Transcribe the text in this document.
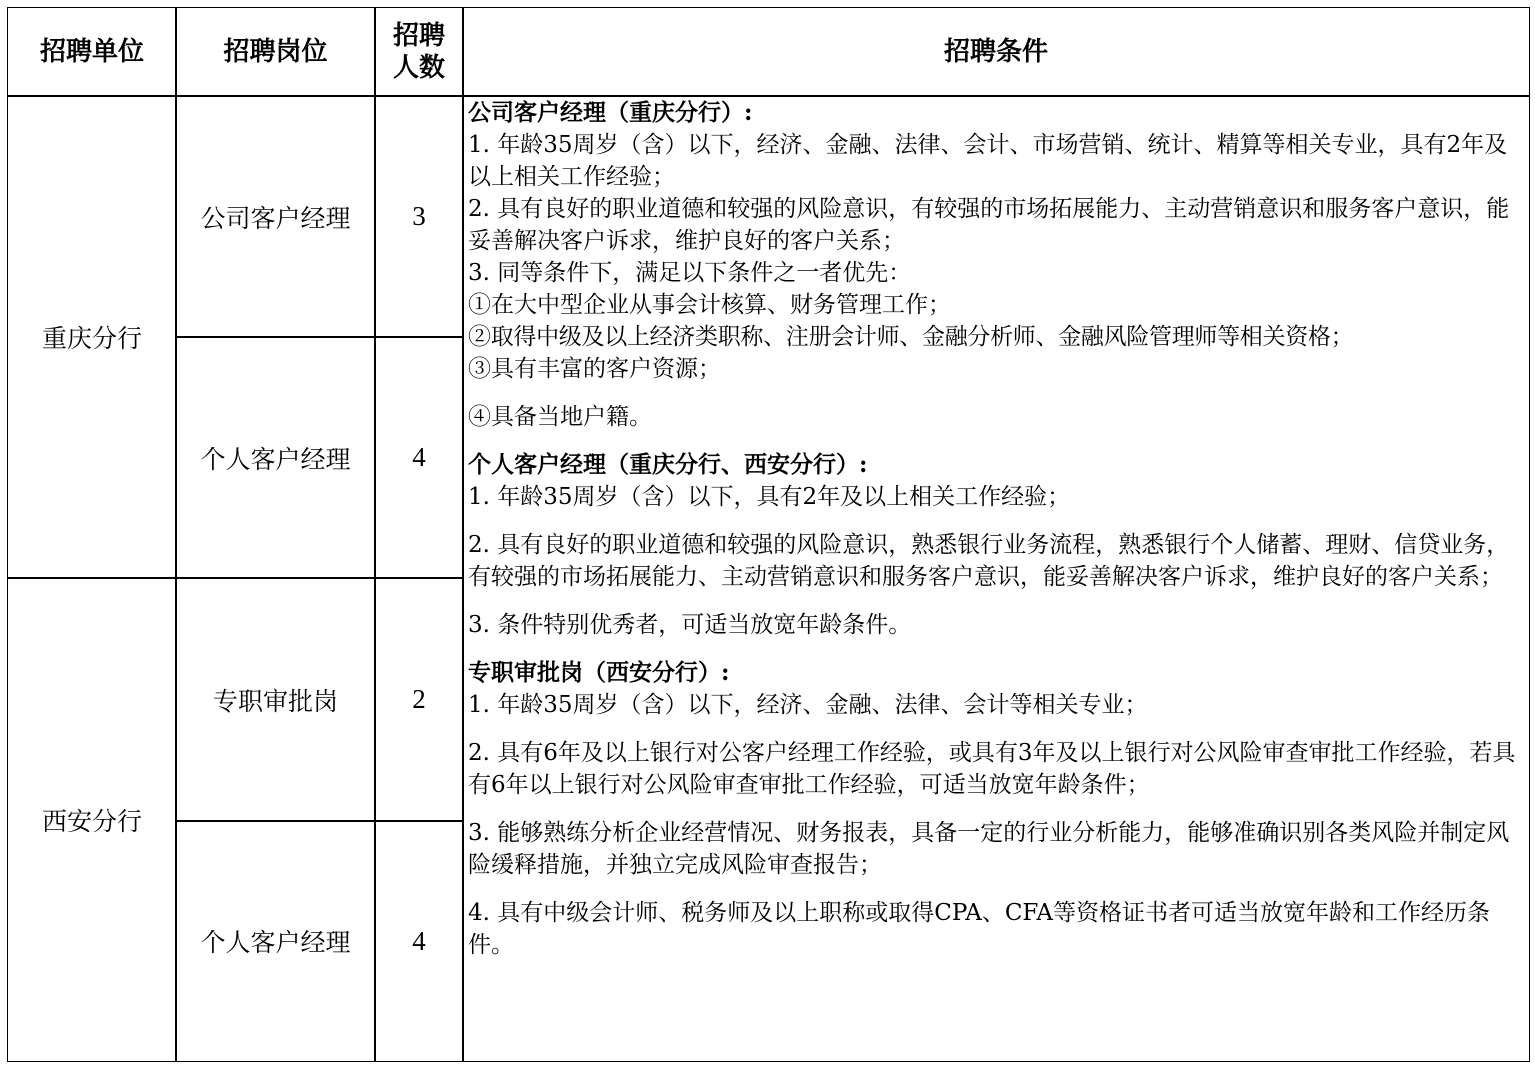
招聘单位	招聘岗位
招聘
人数
招聘条件
重庆分行
西安分行
公司客户经理
个人客户经理
专职审批岗
个人客户经理
3
4
2
4
公司客户经理（重庆分行）:
1. 年龄35周岁（含）以下，经济、金融、法律、会计、市场营销、统计、精算等相关专业，具有2年及以上相关工作经验；
2. 具有良好的职业道德和较强的风险意识，有较强的市场拓展能力、主动营销意识和服务客户意识，能妥善解决客户诉求，维护良好的客户关系；
3. 同等条件下，满足以下条件之一者优先：
①在大中型企业从事会计核算、财务管理工作；
②取得中级及以上经济类职称、注册会计师、金融分析师、金融风险管理师等相关资格；
③具有丰富的客户资源；
④具备当地户籍。
个人客户经理（重庆分行、西安分行）:
1. 年龄35周岁（含）以下，具有2年及以上相关工作经验；
2. 具有良好的职业道德和较强的风险意识，熟悉银行业务流程，熟悉银行个人储蓄、理财、信贷业务，有较强的市场拓展能力、主动营销意识和服务客户意识，能妥善解决客户诉求，维护良好的客户关系；
3. 条件特别优秀者，可适当放宽年龄条件。
专职审批岗（西安分行）:
1. 年龄35周岁（含）以下，经济、金融、法律、会计等相关专业；
2. 具有6年及以上银行对公客户经理工作经验，或具有3年及以上银行对公风险审查审批工作经验，若具有6年以上银行对公风险审查审批工作经验，可适当放宽年龄条件；
3. 能够熟练分析企业经营情况、财务报表，具备一定的行业分析能力，能够准确识别各类风险并制定风险缓释措施，并独立完成风险审查报告；
4. 具有中级会计师、税务师及以上职称或取得CPA、CFA等资格证书者可适当放宽年龄和工作经历条件。
